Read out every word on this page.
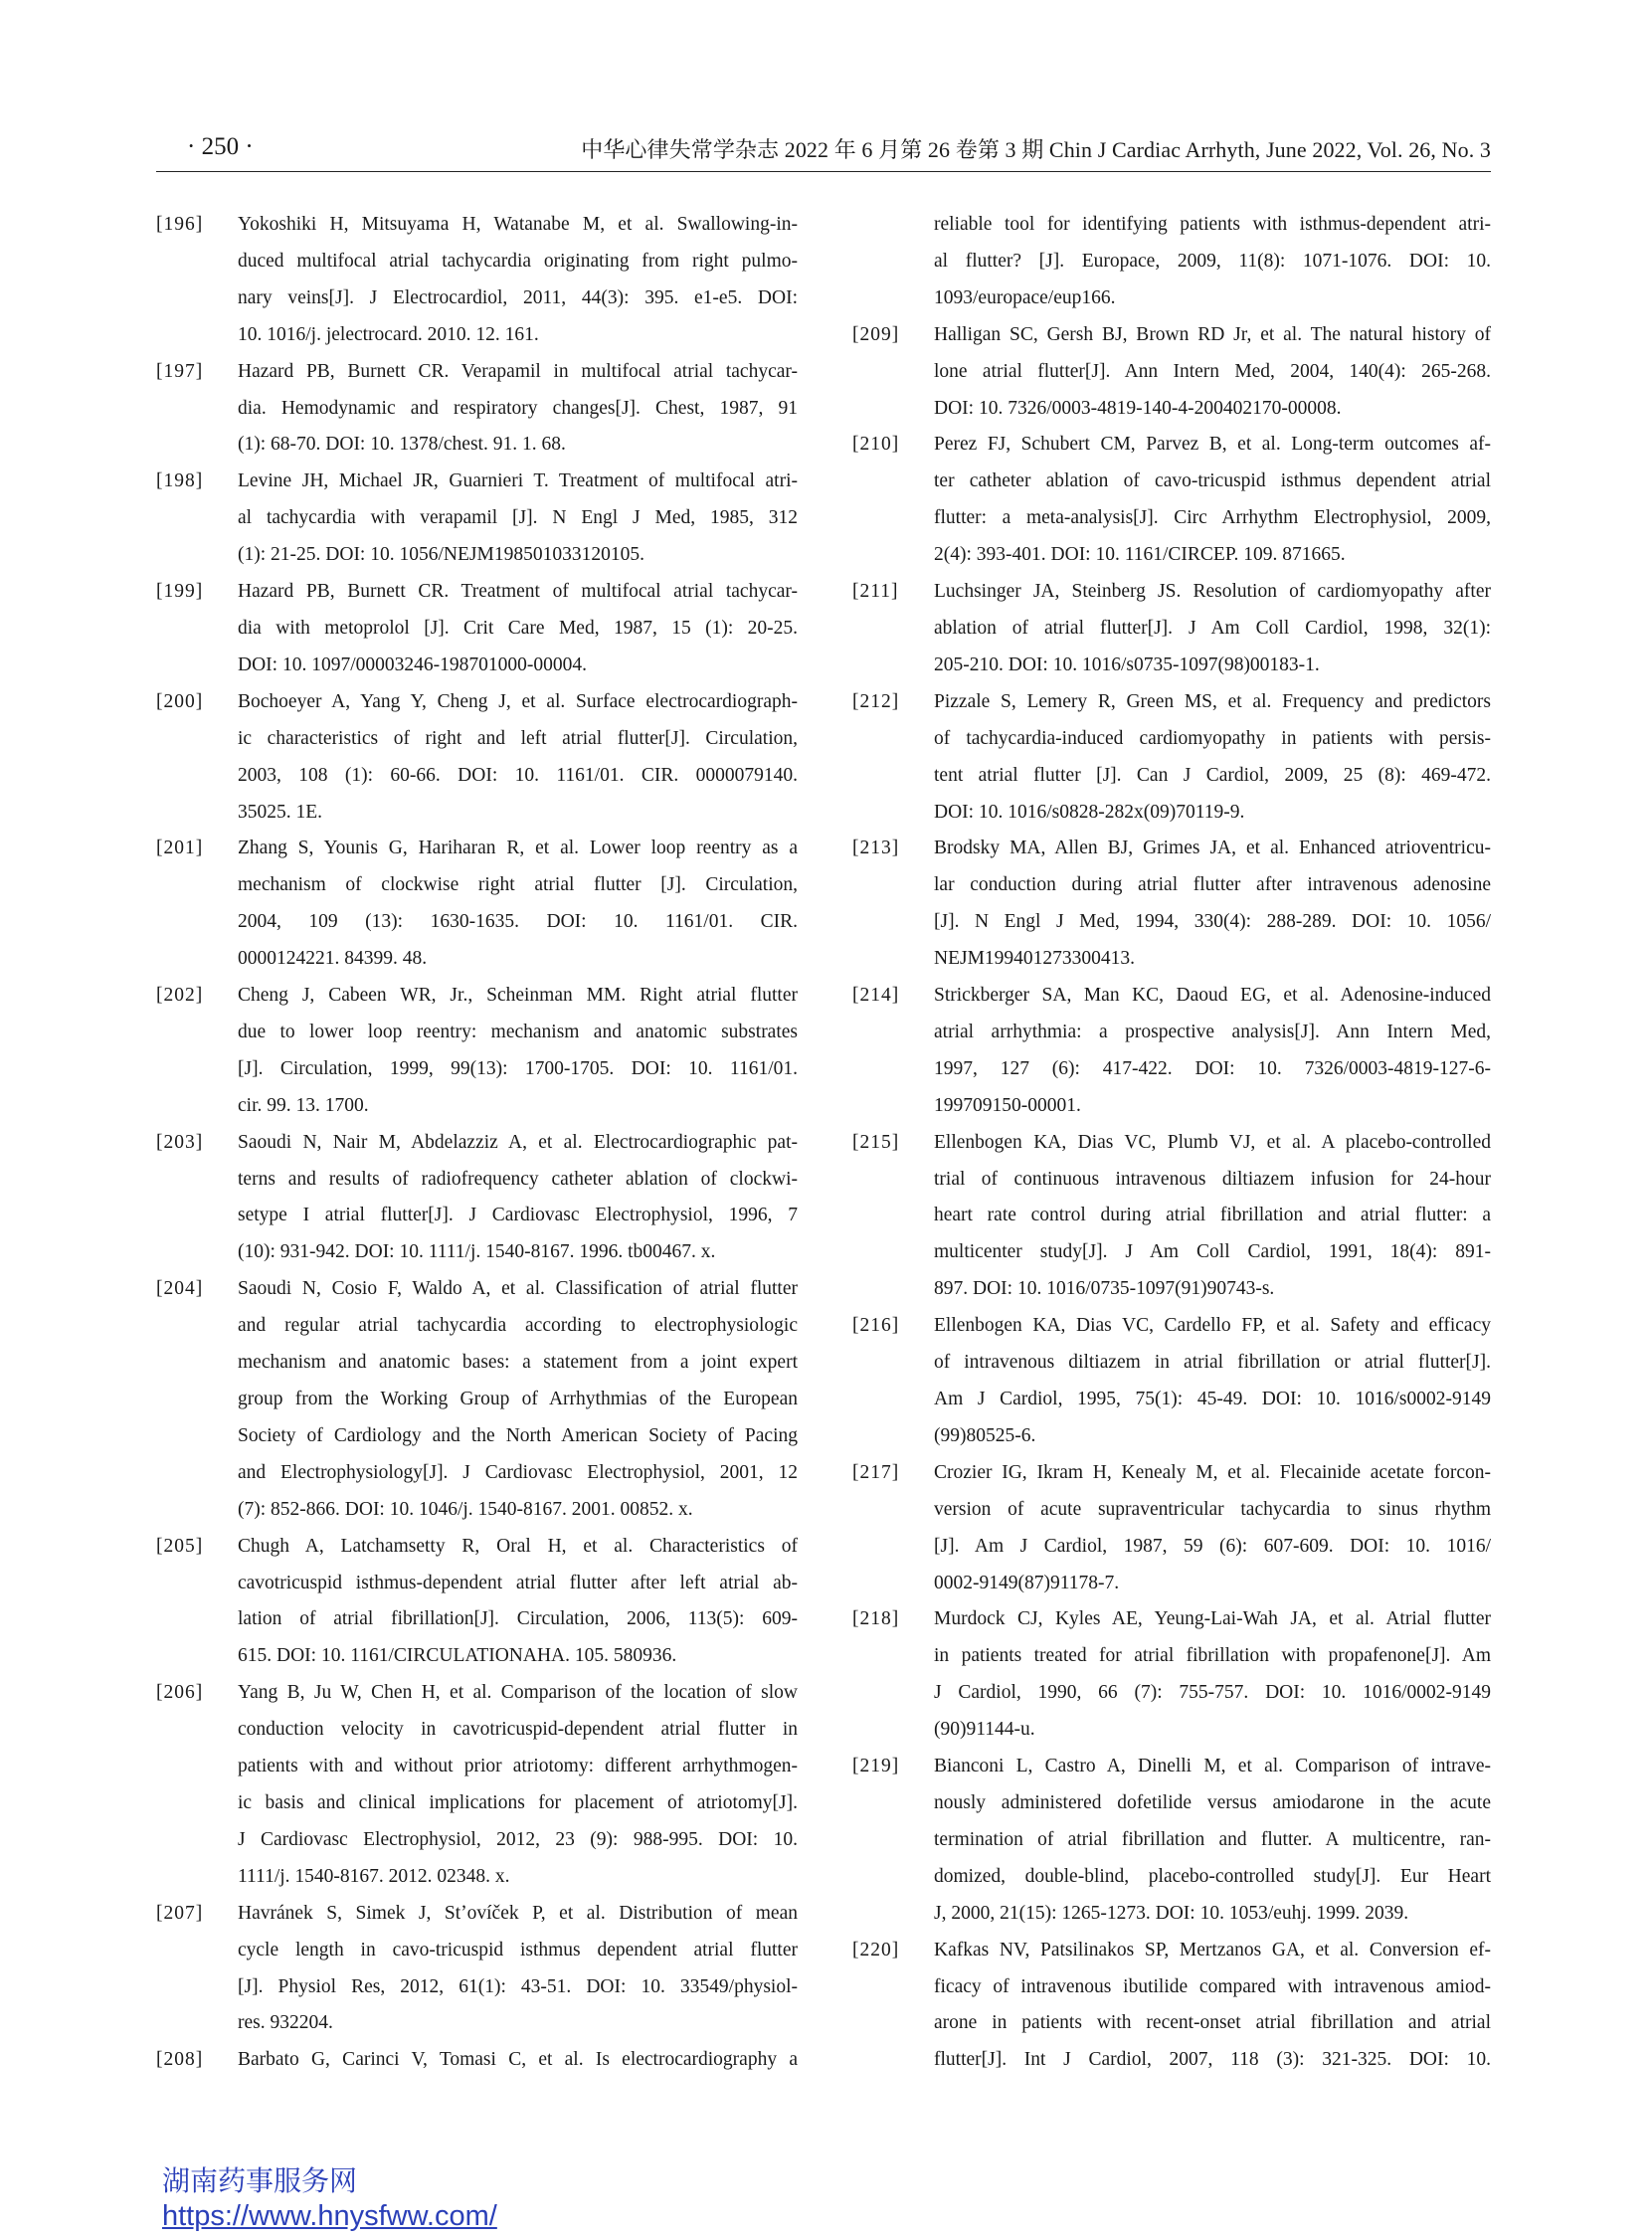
· 250 ·	中华心律失常学杂志 2022 年 6 月第 26 卷第 3 期 Chin J Cardiac Arrhyth, June 2022, Vol. 26, No. 3
[196] Yokoshiki H, Mitsuyama H, Watanabe M, et al. Swallowing-in-
duced multifocal atrial tachycardia originating from right pulmo-
nary veins[J]. J Electrocardiol, 2011, 44(3): 395. e1-e5. DOI:
10. 1016/j. jelectrocard. 2010. 12. 161.
[197] Hazard PB, Burnett CR. Verapamil in multifocal atrial tachycar-
dia. Hemodynamic and respiratory changes[J]. Chest, 1987, 91
(1): 68-70. DOI: 10. 1378/chest. 91. 1. 68.
[198] Levine JH, Michael JR, Guarnieri T. Treatment of multifocal atri-
al tachycardia with verapamil [J]. N Engl J Med, 1985, 312
(1): 21-25. DOI: 10. 1056/NEJM198501033120105.
[199] Hazard PB, Burnett CR. Treatment of multifocal atrial tachycar-
dia with metoprolol [J]. Crit Care Med, 1987, 15 (1): 20-25.
DOI: 10. 1097/00003246-198701000-00004.
[200] Bochoeyer A, Yang Y, Cheng J, et al. Surface electrocardiograph-
ic characteristics of right and left atrial flutter[J]. Circulation,
2003, 108 (1): 60-66. DOI: 10. 1161/01. CIR. 0000079140.
35025. 1E.
[201] Zhang S, Younis G, Hariharan R, et al. Lower loop reentry as a
mechanism of clockwise right atrial flutter [J]. Circulation,
2004, 109 (13): 1630-1635. DOI: 10. 1161/01. CIR.
0000124221. 84399. 48.
[202] Cheng J, Cabeen WR, Jr., Scheinman MM. Right atrial flutter
due to lower loop reentry: mechanism and anatomic substrates
[J]. Circulation, 1999, 99(13): 1700-1705. DOI: 10. 1161/01.
cir. 99. 13. 1700.
[203] Saoudi N, Nair M, Abdelazziz A, et al. Electrocardiographic pat-
terns and results of radiofrequency catheter ablation of clockwi-
setype I atrial flutter[J]. J Cardiovasc Electrophysiol, 1996, 7
(10): 931-942. DOI: 10. 1111/j. 1540-8167. 1996. tb00467. x.
[204] Saoudi N, Cosio F, Waldo A, et al. Classification of atrial flutter
and regular atrial tachycardia according to electrophysiologic
mechanism and anatomic bases: a statement from a joint expert
group from the Working Group of Arrhythmias of the European
Society of Cardiology and the North American Society of Pacing
and Electrophysiology[J]. J Cardiovasc Electrophysiol, 2001, 12
(7): 852-866. DOI: 10. 1046/j. 1540-8167. 2001. 00852. x.
[205] Chugh A, Latchamsetty R, Oral H, et al. Characteristics of
cavotricuspid isthmus-dependent atrial flutter after left atrial ab-
lation of atrial fibrillation[J]. Circulation, 2006, 113(5): 609-
615. DOI: 10. 1161/CIRCULATIONAHA. 105. 580936.
[206] Yang B, Ju W, Chen H, et al. Comparison of the location of slow
conduction velocity in cavotricuspid-dependent atrial flutter in
patients with and without prior atriotomy: different arrhythmogen-
ic basis and clinical implications for placement of atriotomy[J].
J Cardiovasc Electrophysiol, 2012, 23 (9): 988-995. DOI: 10.
1111/j. 1540-8167. 2012. 02348. x.
[207] Havránek S, Simek J, Stʼovíček P, et al. Distribution of mean
cycle length in cavo-tricuspid isthmus dependent atrial flutter
[J]. Physiol Res, 2012, 61(1): 43-51. DOI: 10. 33549/physiol-
res. 932204.
[208] Barbato G, Carinci V, Tomasi C, et al. Is electrocardiography a
reliable tool for identifying patients with isthmus-dependent atri-
al flutter? [J]. Europace, 2009, 11(8): 1071-1076. DOI: 10.
1093/europace/eup166.
[209] Halligan SC, Gersh BJ, Brown RD Jr, et al. The natural history of
lone atrial flutter[J]. Ann Intern Med, 2004, 140(4): 265-268.
DOI: 10. 7326/0003-4819-140-4-200402170-00008.
[210] Perez FJ, Schubert CM, Parvez B, et al. Long-term outcomes af-
ter catheter ablation of cavo-tricuspid isthmus dependent atrial
flutter: a meta-analysis[J]. Circ Arrhythm Electrophysiol, 2009,
2(4): 393-401. DOI: 10. 1161/CIRCEP. 109. 871665.
[211] Luchsinger JA, Steinberg JS. Resolution of cardiomyopathy after
ablation of atrial flutter[J]. J Am Coll Cardiol, 1998, 32(1):
205-210. DOI: 10. 1016/s0735-1097(98)00183-1.
[212] Pizzale S, Lemery R, Green MS, et al. Frequency and predictors
of tachycardia-induced cardiomyopathy in patients with persis-
tent atrial flutter [J]. Can J Cardiol, 2009, 25 (8): 469-472.
DOI: 10. 1016/s0828-282x(09)70119-9.
[213] Brodsky MA, Allen BJ, Grimes JA, et al. Enhanced atrioventricu-
lar conduction during atrial flutter after intravenous adenosine
[J]. N Engl J Med, 1994, 330(4): 288-289. DOI: 10. 1056/
NEJM199401273300413.
[214] Strickberger SA, Man KC, Daoud EG, et al. Adenosine-induced
atrial arrhythmia: a prospective analysis[J]. Ann Intern Med,
1997, 127 (6): 417-422. DOI: 10. 7326/0003-4819-127-6-
199709150-00001.
[215] Ellenbogen KA, Dias VC, Plumb VJ, et al. A placebo-controlled
trial of continuous intravenous diltiazem infusion for 24-hour
heart rate control during atrial fibrillation and atrial flutter: a
multicenter study[J]. J Am Coll Cardiol, 1991, 18(4): 891-
897. DOI: 10. 1016/0735-1097(91)90743-s.
[216] Ellenbogen KA, Dias VC, Cardello FP, et al. Safety and efficacy
of intravenous diltiazem in atrial fibrillation or atrial flutter[J].
Am J Cardiol, 1995, 75(1): 45-49. DOI: 10. 1016/s0002-9149
(99)80525-6.
[217] Crozier IG, Ikram H, Kenealy M, et al. Flecainide acetate forcon-
version of acute supraventricular tachycardia to sinus rhythm
[J]. Am J Cardiol, 1987, 59 (6): 607-609. DOI: 10. 1016/
0002-9149(87)91178-7.
[218] Murdock CJ, Kyles AE, Yeung-Lai-Wah JA, et al. Atrial flutter
in patients treated for atrial fibrillation with propafenone[J]. Am
J Cardiol, 1990, 66 (7): 755-757. DOI: 10. 1016/0002-9149
(90)91144-u.
[219] Bianconi L, Castro A, Dinelli M, et al. Comparison of intrave-
nously administered dofetilide versus amiodarone in the acute
termination of atrial fibrillation and flutter. A multicentre, ran-
domized, double-blind, placebo-controlled study[J]. Eur Heart
J, 2000, 21(15): 1265-1273. DOI: 10. 1053/euhj. 1999. 2039.
[220] Kafkas NV, Patsilinakos SP, Mertzanos GA, et al. Conversion ef-
ficacy of intravenous ibutilide compared with intravenous amiod-
arone in patients with recent-onset atrial fibrillation and atrial
flutter[J]. Int J Cardiol, 2007, 118 (3): 321-325. DOI: 10.
湖南药事服务网
https://www.hnysfww.com/
